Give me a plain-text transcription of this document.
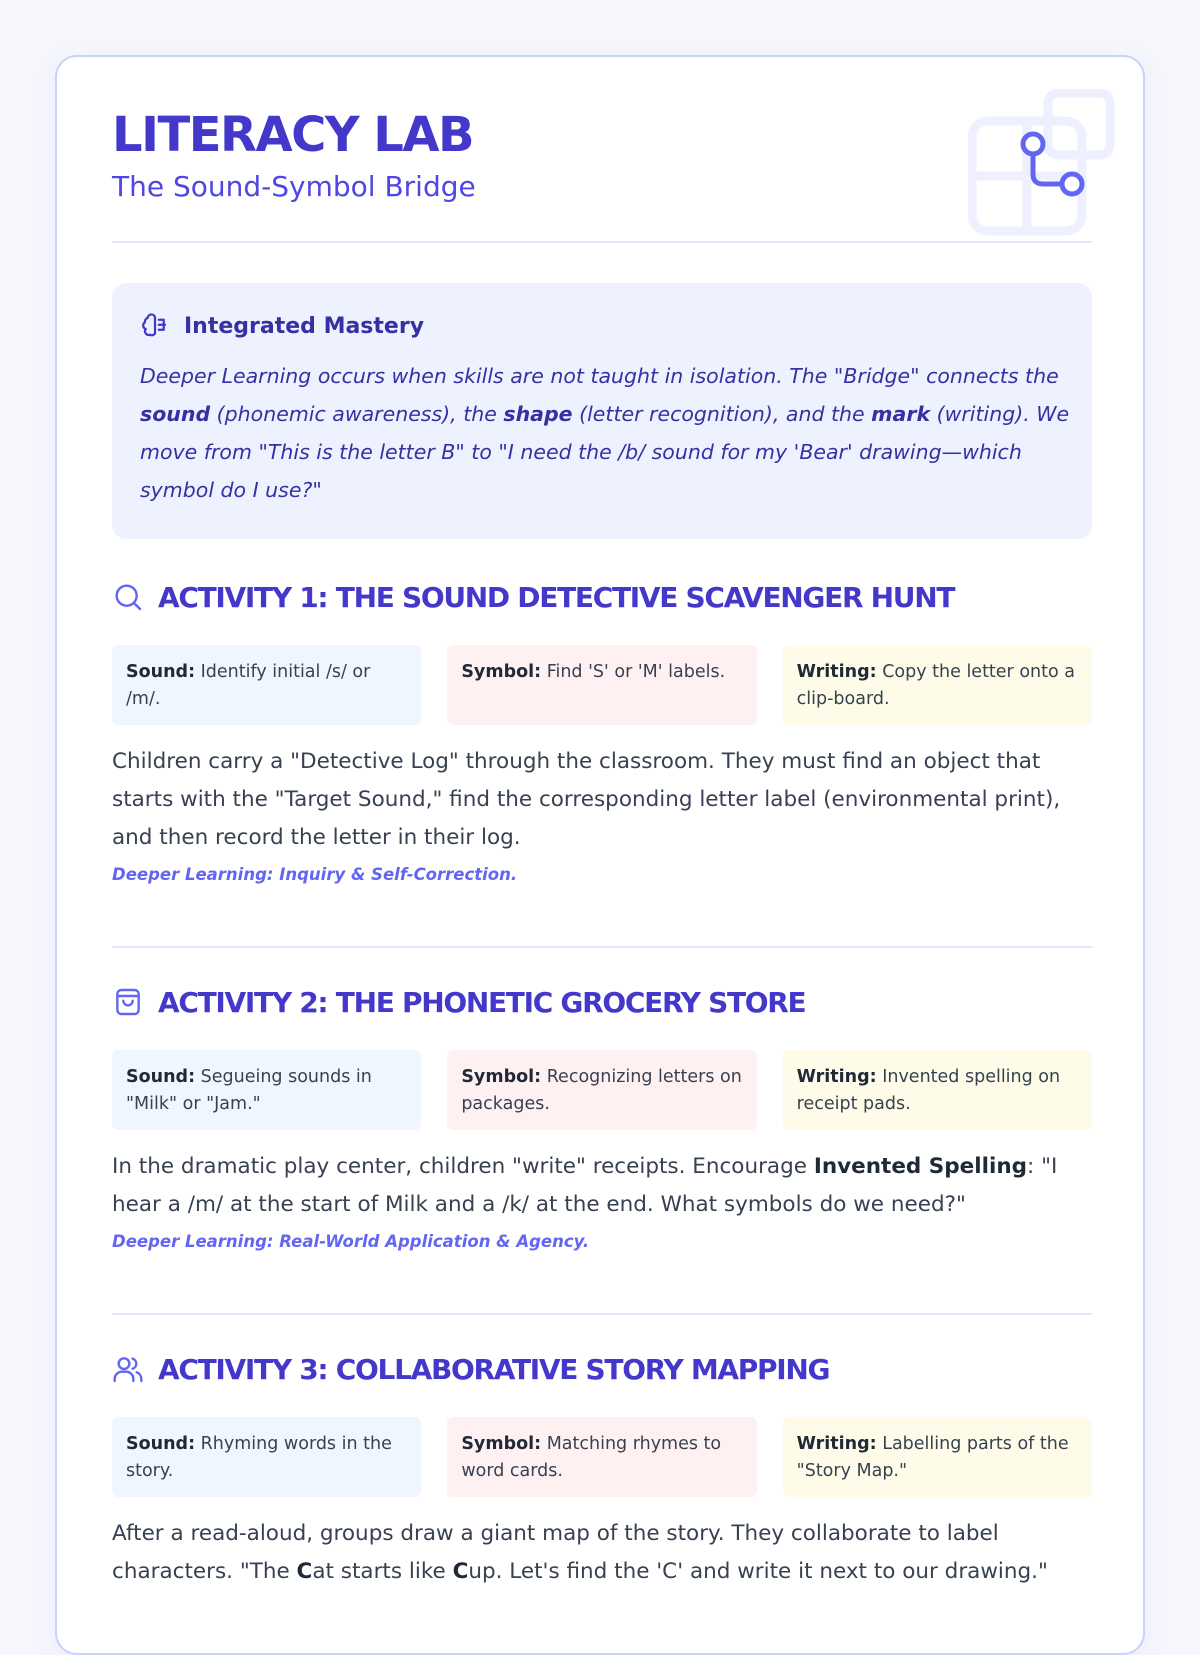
LITERACY LAB
The Sound-Symbol Bridge
Integrated Mastery
Deeper Learning occurs when skills are not taught in isolation. The "Bridge" connects the sound (phonemic awareness), the shape (letter recognition), and the mark (writing). We move from "This is the letter B" to "I need the /b/ sound for my 'Bear' drawing—which symbol do I use?"
ACTIVITY 1: THE SOUND DETECTIVE SCAVENGER HUNT
Sound: Identify initial /s/ or /m/.
Symbol: Find 'S' or 'M' labels.	Writing: Copy the letter onto a clip-board.
Children carry a "Detective Log" through the classroom. They must find an object that starts with the "Target Sound," find the corresponding letter label (environmental print), and then record the letter in their log.
Deeper Learning: Inquiry & Self-Correction.
ACTIVITY 2: THE PHONETIC GROCERY STORE
Sound: Segueing sounds in "Milk" or "Jam."
Symbol: Recognizing letters on packages.
Writing: Invented spelling on receipt pads.
In the dramatic play center, children "write" receipts. Encourage Invented Spelling: "I hear a /m/ at the start of Milk and a /k/ at the end. What symbols do we need?"
Deeper Learning: Real-World Application & Agency.
ACTIVITY 3: COLLABORATIVE STORY MAPPING
Sound: Rhyming words in the story.
Symbol: Matching rhymes to word cards.
Writing: Labelling parts of the "Story Map."
After a read-aloud, groups draw a giant map of the story. They collaborate to label characters. "The Cat starts like Cup. Let's find the 'C' and write it next to our drawing."
